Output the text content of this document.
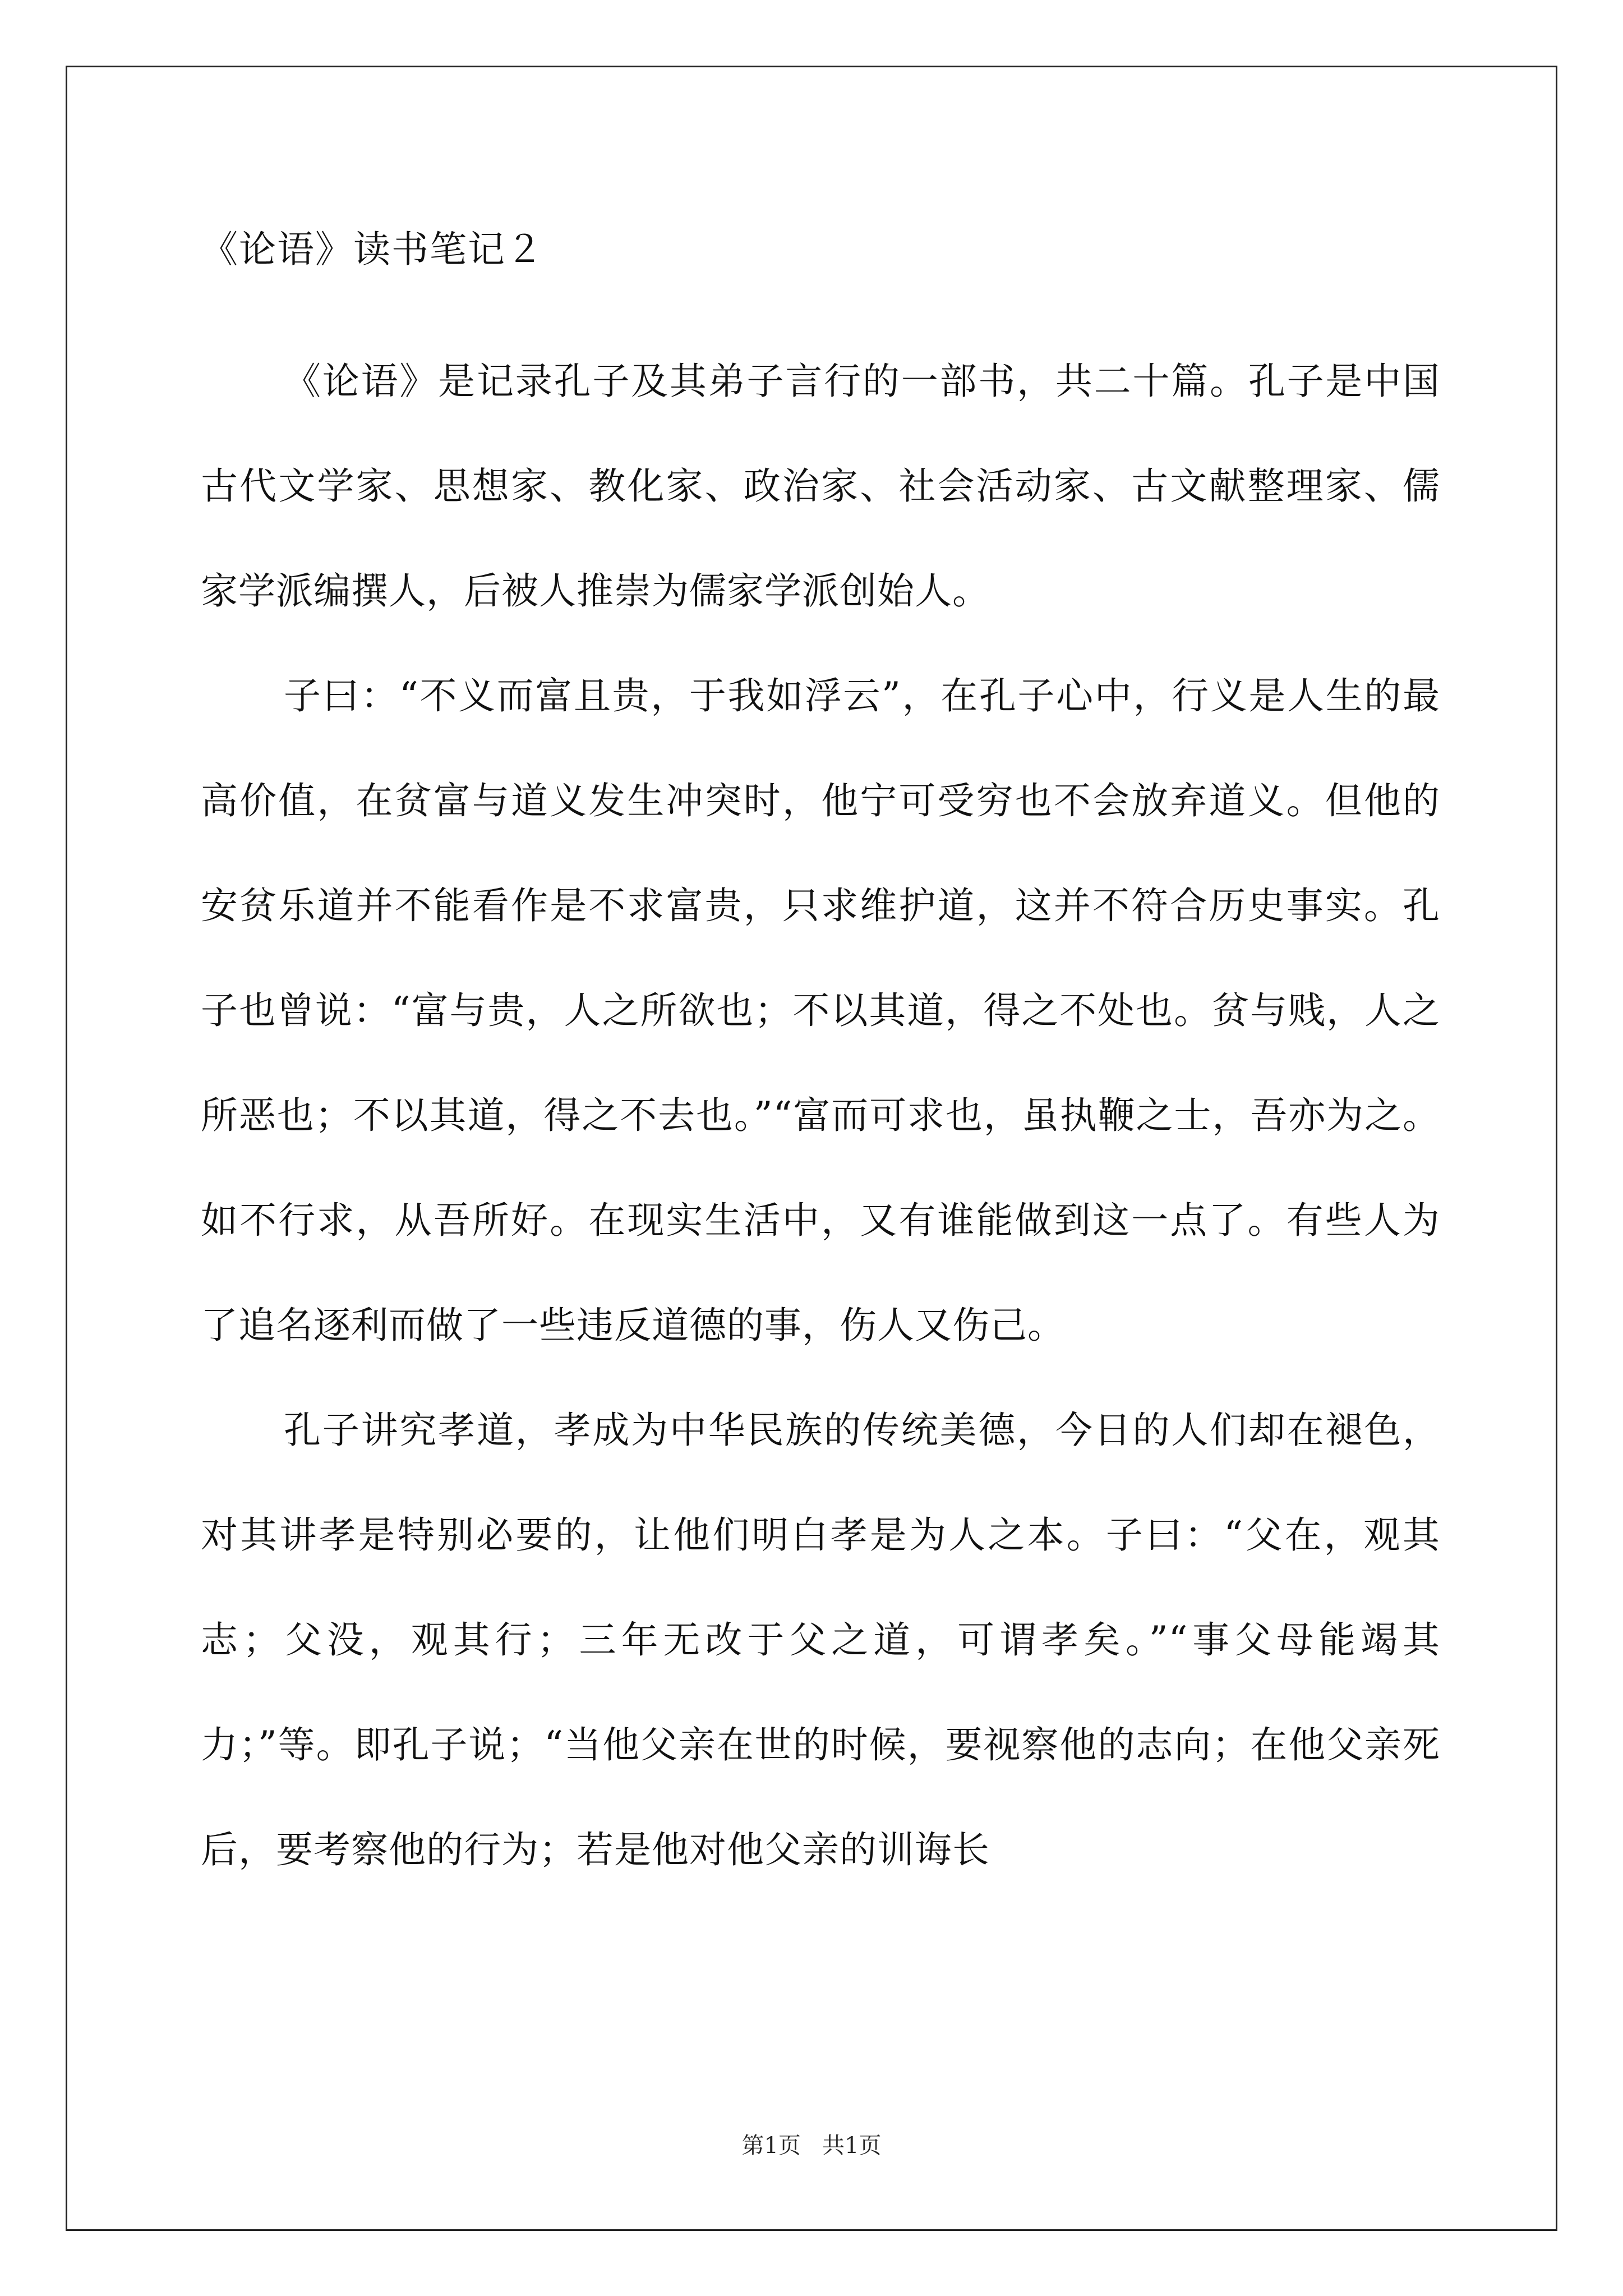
《论语》读书笔记２

《论语》是记录孔子及其弟子言行的一部书，共二十篇。孔子是中国古代文学家、思想家、教化家、政治家、社会活动家、古文献整理家、儒家学派编撰人，后被人推崇为儒家学派创始人。

子曰：“不义而富且贵，于我如浮云”，在孔子心中，行义是人生的最高价值，在贫富与道义发生冲突时，他宁可受穷也不会放弃道义。但他的安贫乐道并不能看作是不求富贵，只求维护道，这并不符合历史事实。孔子也曾说：“富与贵，人之所欲也；不以其道，得之不处也。贫与贱，人之所恶也；不以其道，得之不去也。”“富而可求也，虽执鞭之士，吾亦为之。如不行求，从吾所好。在现实生活中，又有谁能做到这一点了。有些人为了追名逐利而做了一些违反道德的事，伤人又伤己。

孔子讲究孝道，孝成为中华民族的传统美德，今日的人们却在褪色，对其讲孝是特别必要的，让他们明白孝是为人之本。子曰：“父在，观其志；父没，观其行；三年无改于父之道，可谓孝矣。”“事父母能竭其力；”等。即孔子说；“当他父亲在世的时候，要视察他的志向；在他父亲死后，要考察他的行为；若是他对他父亲的训诲长

第1页   共1页
